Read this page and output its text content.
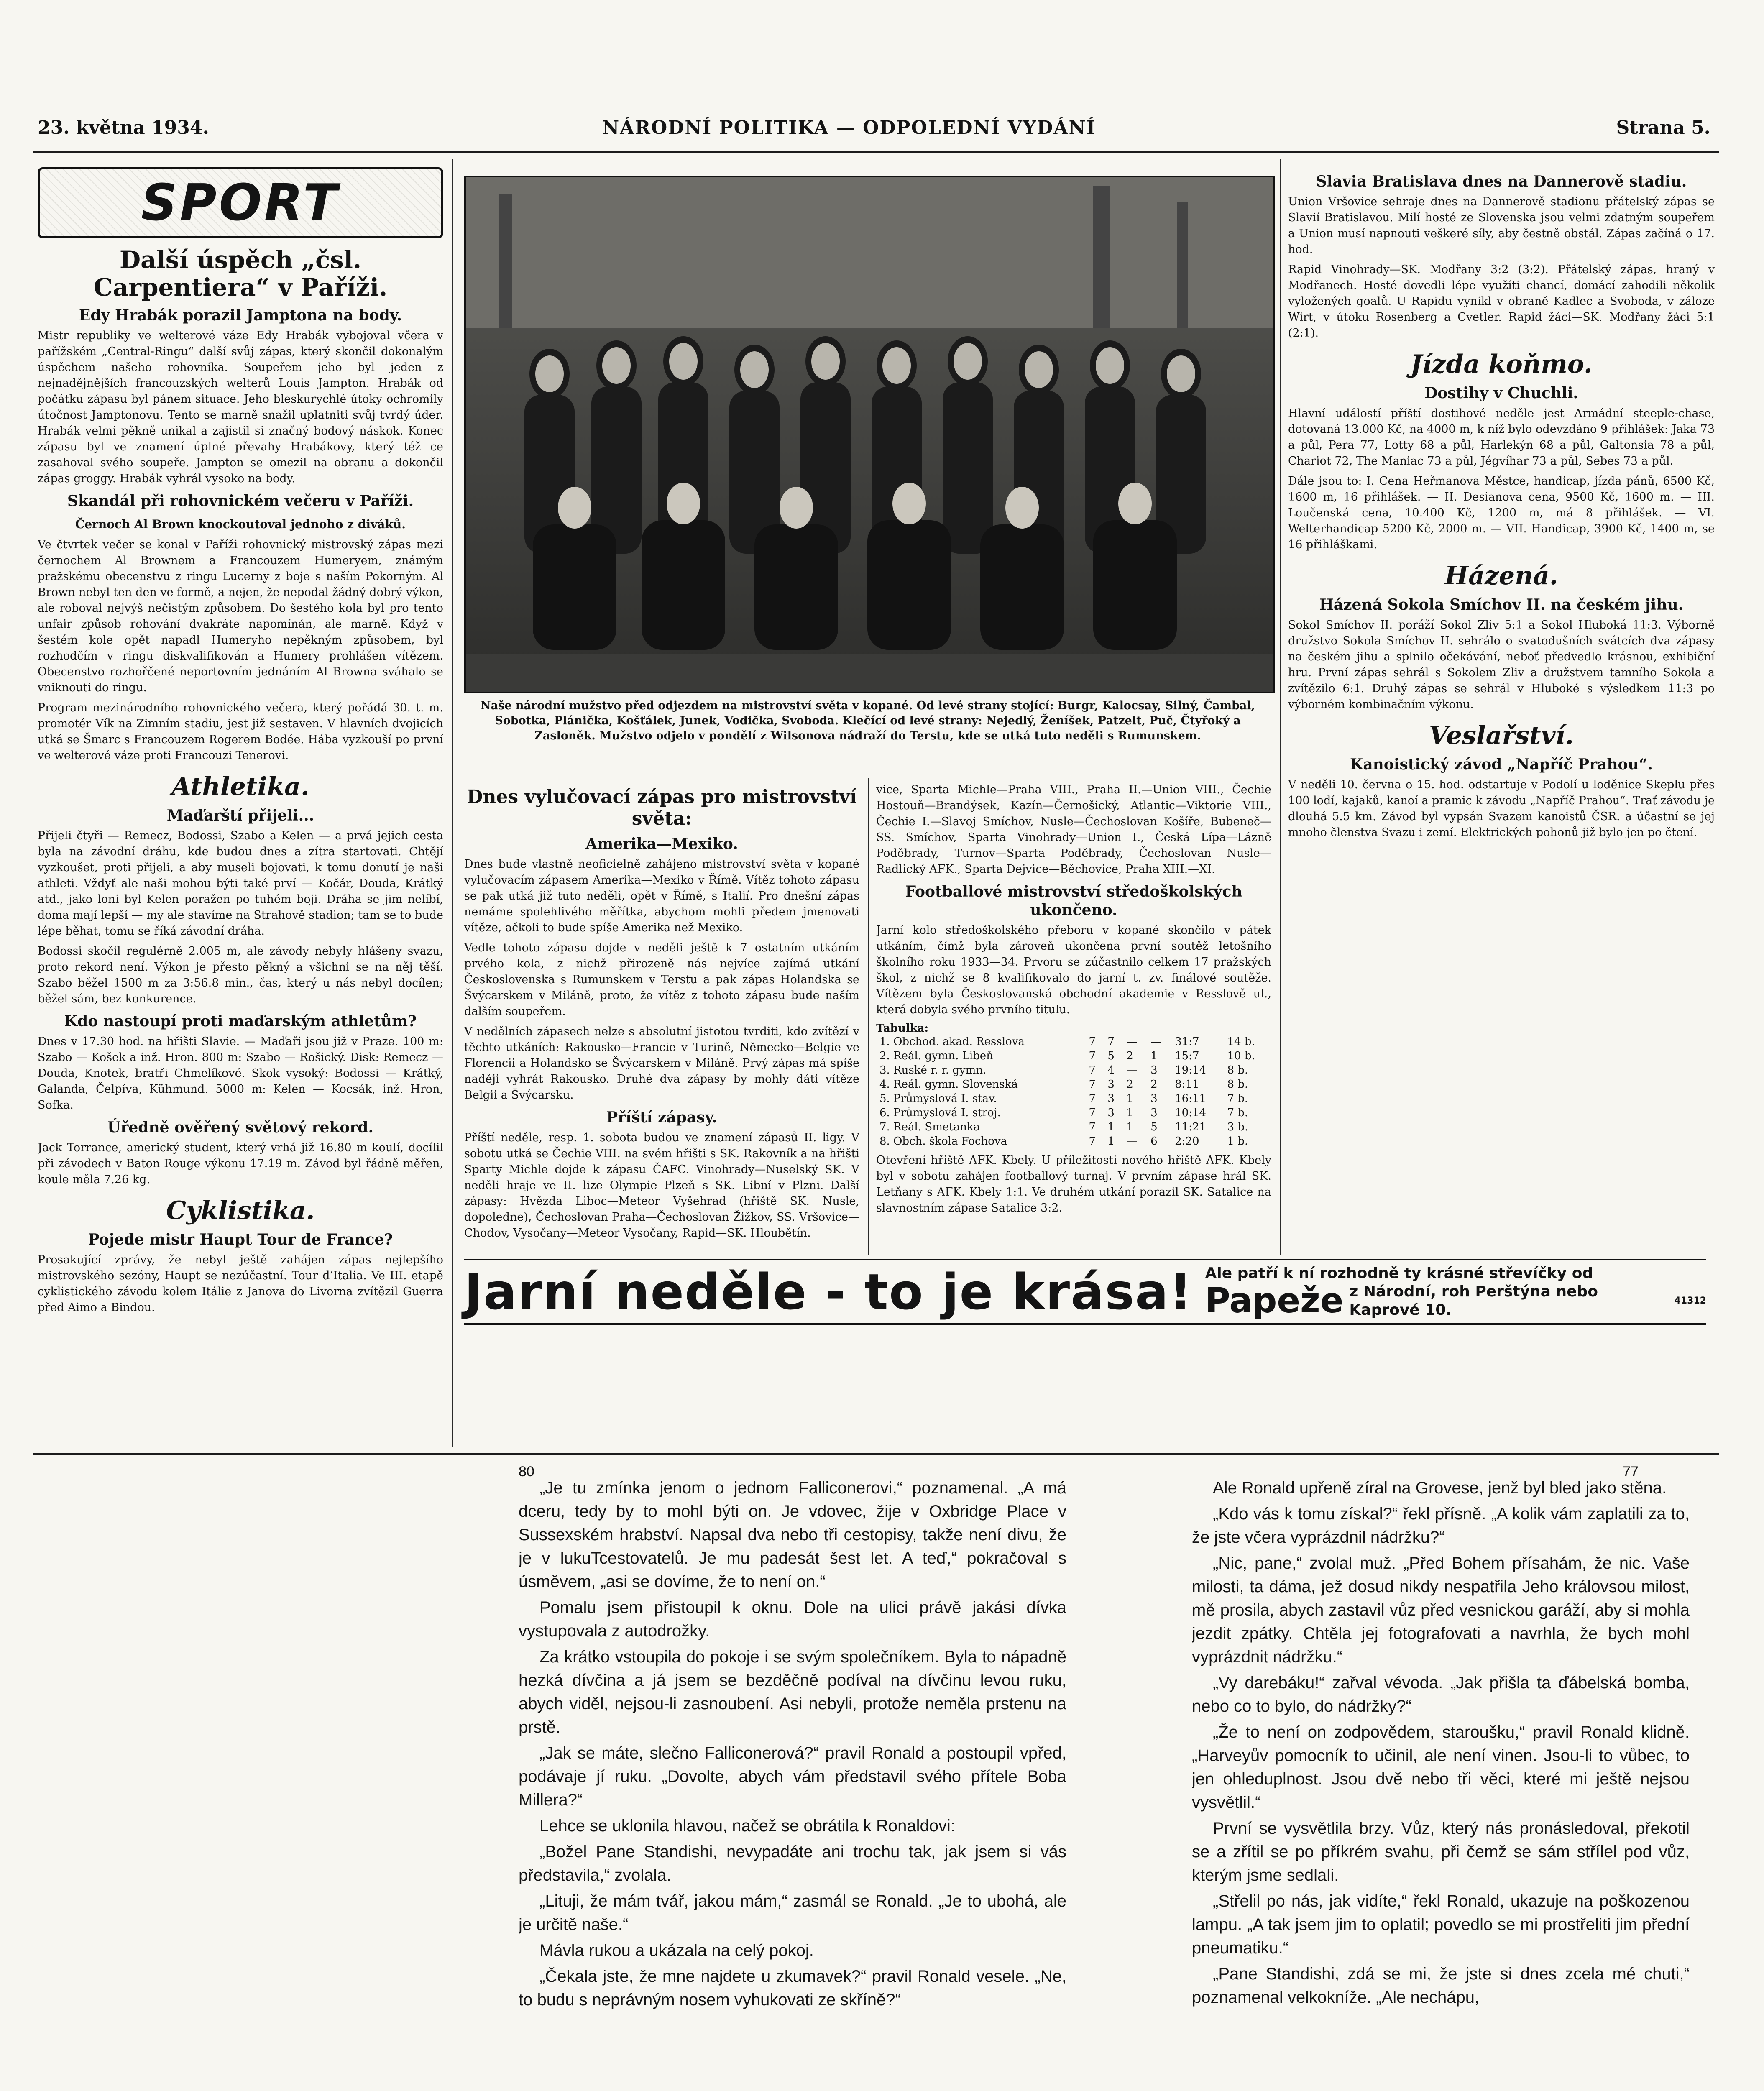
23. května 1934.	NÁRODNÍ POLITIKA — ODPOLEDNÍ VYDÁNÍ	Strana 5.
SPORT
Další úspěch „čsl. Carpentiera“ v Paříži.
Edy Hrabák porazil Jamptona na body.

Mistr republiky ve welterové váze Edy Hrabák vybojoval včera v pařížském „Central-Ringu“ další svůj zápas, který skončil dokonalým úspěchem našeho rohovníka. Soupeřem jeho byl jeden z nejnadějnějších francouzských welterů Louis Jampton. Hrabák od počátku zápasu byl pánem situace. Jeho bleskurychlé útoky ochromily útočnost Jamptonovu. Tento se marně snažil uplatniti svůj tvrdý úder. Hrabák velmi pěkně unikal a zajistil si značný bodový náskok. Konec zápasu byl ve znamení úplné převahy Hrabákovy, který též ce zasahoval svého soupeře. Jampton se omezil na obranu a dokončil zápas groggy. Hrabák vyhrál vysoko na body.

Skandál při rohovnickém večeru v Paříži.
Černoch Al Brown knockoutoval jednoho z diváků.

Ve čtvrtek večer se konal v Paříži rohovnický mistrovský zápas mezi černochem Al Brownem a Francouzem Humeryem, známým pražskému obecenstvu z ringu Lucerny z boje s naším Pokorným. Al Brown nebyl ten den ve formě, a nejen, že nepodal žádný dobrý výkon, ale roboval nejvýš nečistým způsobem. Do šestého kola byl pro tento unfair způsob rohování dvakráte napomínán, ale marně. Když v šestém kole opět napadl Humeryho nepěkným způsobem, byl rozhodčím v ringu diskvalifikován a Humery prohlášen vítězem. Obecenstvo rozhořčené neportovním jednáním Al Browna sváhalo se vniknouti do ringu.

Program mezinárodního rohovnického večera, který pořádá 30. t. m. promotér Vík na Zimním stadiu, jest již sestaven. V hlavních dvojicích utká se Šmarc s Francouzem Rogerem Bodée. Hába vyzkouší po první ve welterové váze proti Francouzi Tenerovi.

Athletika.
Maďarští přijeli...

Přijeli čtyři — Remecz, Bodossi, Szabo a Kelen — a prvá jejich cesta byla na závodní dráhu, kde budou dnes a zítra startovati. Chtějí vyzkoušet, proti přijeli, a aby museli bojovati, k tomu donutí je naši athleti. Vždyť ale naši mohou býti také prví — Kočár, Douda, Krátký atd., jako loni byl Kelen poražen po tuhém boji. Dráha se jim nelíbí, doma mají lepší — my ale stavíme na Strahově stadion; tam se to bude lépe běhat, tomu se říká závodní dráha.

Bodossi skočil regulérně 2.005 m, ale závody nebyly hlášeny svazu, proto rekord není. Výkon je přesto pěkný a všichni se na něj těší. Szabo běžel 1500 m za 3:56.8 min., čas, který u nás nebyl docílen; běžel sám, bez konkurence.

Kdo nastoupí proti maďarským athletům?

Dnes v 17.30 hod. na hřišti Slavie. — Maďaři jsou již v Praze. 100 m: Szabo — Košek a inž. Hron. 800 m: Szabo — Rošický. Disk: Remecz — Douda, Knotek, bratři Chmelíkové. Skok vysoký: Bodossi — Krátký, Galanda, Čelpíva, Kühmund. 5000 m: Kelen — Kocsák, inž. Hron, Sofka.

Úředně ověřený světový rekord.

Jack Torrance, americký student, který vrhá již 16.80 m koulí, docílil při závodech v Baton Rouge výkonu 17.19 m. Závod byl řádně měřen, koule měla 7.26 kg.

Cyklistika.
Pojede mistr Haupt Tour de France?

Prosakující zprávy, že nebyl ještě zahájen zápas nejlepšího mistrovského sezóny, Haupt se nezúčastní. Tour d’Italia. Ve III. etapě cyklistického závodu kolem Itálie z Janova do Livorna zvítězil Guerra před Aimo a Bindou.

Naše národní mužstvo před odjezdem na mistrovství světa v kopané. Od levé strany stojící: Burgr, Kalocsay, Silný, Čambal, Sobotka, Plánička, Košťálek, Junek, Vodička, Svoboda. Klečící od levé strany: Nejedlý, Ženíšek, Patzelt, Puč, Čtyřoký a Zasloněk. Mužstvo odjelo v pondělí z Wilsonova nádraží do Terstu, kde se utká tuto neděli s Rumunskem.
Dnes vylučovací zápas pro mistrovství světa:
Amerika—Mexiko.

Dnes bude vlastně neoficielně zahájeno mistrovství světa v kopané vylučovacím zápasem Amerika—Mexiko v Římě. Vítěz tohoto zápasu se pak utká již tuto neděli, opět v Římě, s Italií. Pro dnešní zápas nemáme spolehlivého měřítka, abychom mohli předem jmenovati vítěze, ačkoli to bude spíše Amerika než Mexiko.

Vedle tohoto zápasu dojde v neděli ještě k 7 ostatním utkáním prvého kola, z nichž přirozeně nás nejvíce zajímá utkání Československa s Rumunskem v Terstu a pak zápas Holandska se Švýcarskem v Miláně, proto, že vítěz z tohoto zápasu bude naším dalším soupeřem.

V nedělních zápasech nelze s absolutní jistotou tvrditi, kdo zvítězí v těchto utkáních: Rakousko—Francie v Turině, Německo—Belgie ve Florencii a Holandsko se Švýcarskem v Miláně. Prvý zápas má spíše naději vyhrát Rakousko. Druhé dva zápasy by mohly dáti vítěze Belgii a Švýcarsku.

Příští zápasy.

Příští neděle, resp. 1. sobota budou ve znamení zápasů II. ligy. V sobotu utká se Čechie VIII. na svém hřišti s SK. Rakovník a na hřišti Sparty Michle dojde k zápasu ČAFC. Vinohrady—Nuselský SK. V neděli hraje ve II. lize Olympie Plzeň s SK. Libní v Plzni. Další zápasy: Hvězda Liboc—Meteor Vyšehrad (hřiště SK. Nusle, dopoledne), Čechoslovan Praha—Čechoslovan Žižkov, SS. Vršovice—Chodov, Vysočany—Meteor Vysočany, Rapid—SK. Hloubětín.

vice, Sparta Michle—Praha VIII., Praha II.—Union VIII., Čechie Hostouň—Brandýsek, Kazín—Černošický, Atlantic—Viktorie VIII., Čechie I.—Slavoj Smíchov, Nusle—Čechoslovan Košíře, Bubeneč—SS. Smíchov, Sparta Vinohrady—Union I., Česká Lípa—Lázně Poděbrady, Turnov—Sparta Poděbrady, Čechoslovan Nusle—Radlický AFK., Sparta Dejvice—Běchovice, Praha XIII.—XI.

Footballové mistrovství středoškolských ukončeno.

Jarní kolo středoškolského přeboru v kopané skončilo v pátek utkáním, čímž byla zároveň ukončena první soutěž letošního školního roku 1933—34. Prvoru se zúčastnilo celkem 17 pražských škol, z nichž se 8 kvalifikovalo do jarní t. zv. finálové soutěže. Vítězem byla Českoslovanská obchodní akademie v Resslově ul., která dobyla svého prvního titulu.

Tabulka:
1. Obchod. akad. Resslova	7	7	—	—	31:7	14 b.
2. Reál. gymn. Libeň	7	5	2	1	15:7	10 b.
3. Ruské r. r. gymn.	7	4	—	3	19:14	8 b.
4. Reál. gymn. Slovenská	7	3	2	2	8:11	8 b.
5. Průmyslová I. stav.	7	3	1	3	16:11	7 b.
6. Průmyslová I. stroj.	7	3	1	3	10:14	7 b.
7. Reál. Smetanka	7	1	1	5	11:21	3 b.
8. Obch. škola Fochova	7	1	—	6	2:20	1 b.

Otevření hřiště AFK. Kbely. U příležitosti nového hřiště AFK. Kbely byl v sobotu zahájen footballový turnaj. V prvním zápase hrál SK. Letňany s AFK. Kbely 1:1. Ve druhém utkání porazil SK. Satalice na slavnostním zápase Satalice 3:2.

Slavia Bratislava dnes na Dannerově stadiu.

Union Vršovice sehraje dnes na Dannerově stadionu přátelský zápas se Slavií Bratislavou. Milí hosté ze Slovenska jsou velmi zdatným soupeřem a Union musí napnouti veškeré síly, aby čestně obstál. Zápas začíná o 17. hod.

Rapid Vinohrady—SK. Modřany 3:2 (3:2). Přátelský zápas, hraný v Modřanech. Hosté dovedli lépe využíti chancí, domácí zahodili několik vyložených goalů. U Rapidu vynikl v obraně Kadlec a Svoboda, v záloze Wirt, v útoku Rosenberg a Cvetler. Rapid žáci—SK. Modřany žáci 5:1 (2:1).

Jízda koňmo.
Dostihy v Chuchli.

Hlavní událostí příští dostihové neděle jest Armádní steeple-chase, dotovaná 13.000 Kč, na 4000 m, k níž bylo odevzdáno 9 přihlášek: Jaka 73 a půl, Pera 77, Lotty 68 a půl, Harlekýn 68 a půl, Galtonsia 78 a půl, Chariot 72, The Maniac 73 a půl, Jégvíhar 73 a půl, Sebes 73 a půl.

Dále jsou to: I. Cena Heřmanova Městce, handicap, jízda pánů, 6500 Kč, 1600 m, 16 přihlášek. — II. Desianova cena, 9500 Kč, 1600 m. — III. Loučenská cena, 10.400 Kč, 1200 m, má 8 přihlášek. — VI. Welterhandicap 5200 Kč, 2000 m. — VII. Handicap, 3900 Kč, 1400 m, se 16 přihláškami.

Házená.
Házená Sokola Smíchov II. na českém jihu.

Sokol Smíchov II. poráží Sokol Zliv 5:1 a Sokol Hluboká 11:3. Výborně družstvo Sokola Smíchov II. sehrálo o svatodušních svátcích dva zápasy na českém jihu a splnilo očekávání, neboť předvedlo krásnou, exhibiční hru. První zápas sehrál s Sokolem Zliv a družstvem tamního Sokola a zvítězilo 6:1. Druhý zápas se sehrál v Hluboké s výsledkem 11:3 po výborném kombinačním výkonu.

Veslařství.
Kanoistický závod „Napříč Prahou“.

V neděli 10. června o 15. hod. odstartuje v Podolí u loděnice Skeplu přes 100 lodí, kajaků, kanoí a pramic k závodu „Napříč Prahou“. Trať závodu je dlouhá 5.5 km. Závod byl vypsán Svazem kanoistů ČSR. a účastní se jej mnoho členstva Svazu i zemí. Elektrických pohonů již bylo jen po čtení.

Jarní neděle - to je krása! Ale patří k ní rozhodně ty krásné střevíčky od
Papeže z Národní, roh Perštýna nebo Kaprové 10.
41312
80	77

„Je tu zmínka jenom o jednom Falliconerovi,“ poznamenal. „A má dceru, tedy by to mohl býti on. Je vdovec, žije v Oxbridge Place v Sussexském hrabství. Napsal dva nebo tři cestopisy, takže není divu, že je v lukuTcestovatelů. Je mu padesát šest let. A teď,“ pokračoval s úsměvem, „asi se dovíme, že to není on.“

Pomalu jsem přistoupil k oknu. Dole na ulici právě jakási dívka vystupovala z autodrožky.

Za krátko vstoupila do pokoje i se svým společníkem. Byla to nápadně hezká dívčina a já jsem se bezděčně podíval na dívčinu levou ruku, abych viděl, nejsou-li zasnoubení. Asi nebyli, protože neměla prstenu na prstě.

„Jak se máte, slečno Falliconerová?“ pravil Ronald a postoupil vpřed, podávaje jí ruku. „Dovolte, abych vám představil svého přítele Boba Millera?“

Lehce se uklonila hlavou, načež se obrátila k Ronaldovi:

„Božel Pane Standishi, nevypadáte ani trochu tak, jak jsem si vás představila,“ zvolala.

„Lituji, že mám tvář, jakou mám,“ zasmál se Ronald. „Je to ubohá, ale je určitě naše.“

Mávla rukou a ukázala na celý pokoj.

„Čekala jste, že mne najdete u zkumavek?“ pravil Ronald vesele. „Ne, to budu s neprávným nosem vyhukovati ze skříně?“

Ale Ronald upřeně zíral na Grovese, jenž byl bled jako stěna.

„Kdo vás k tomu získal?“ řekl přísně. „A kolik vám zaplatili za to, že jste včera vyprázdnil nádržku?“

„Nic, pane,“ zvolal muž. „Před Bohem přísahám, že nic. Vaše milosti, ta dáma, jež dosud nikdy nespatřila Jeho královsou milost, mě prosila, abych zastavil vůz před vesnickou garáží, aby si mohla jezdit zpátky. Chtěla jej fotografovati a navrhla, že bych mohl vyprázdnit nádržku.“

„Vy darebáku!“ zařval vévoda. „Jak přišla ta ďábelská bomba, nebo co to bylo, do nádržky?“

„Že to není on zodpovědem, staroušku,“ pravil Ronald klidně. „Harveyův pomocník to učinil, ale není vinen. Jsou-li to vůbec, to jen ohleduplnost. Jsou dvě nebo tři věci, které mi ještě nejsou vysvětlil.“

První se vysvětlila brzy. Vůz, který nás pronásledoval, překotil se a zřítil se po příkrém svahu, při čemž se sám střílel pod vůz, kterým jsme sedlali.

„Střelil po nás, jak vidíte,“ řekl Ronald, ukazuje na poškozenou lampu. „A tak jsem jim to oplatil; povedlo se mi prostřeliti jim přední pneumatiku.“

„Pane Standishi, zdá se mi, že jste si dnes zcela mé chuti,“ poznamenal velkokníže. „Ale nechápu,
